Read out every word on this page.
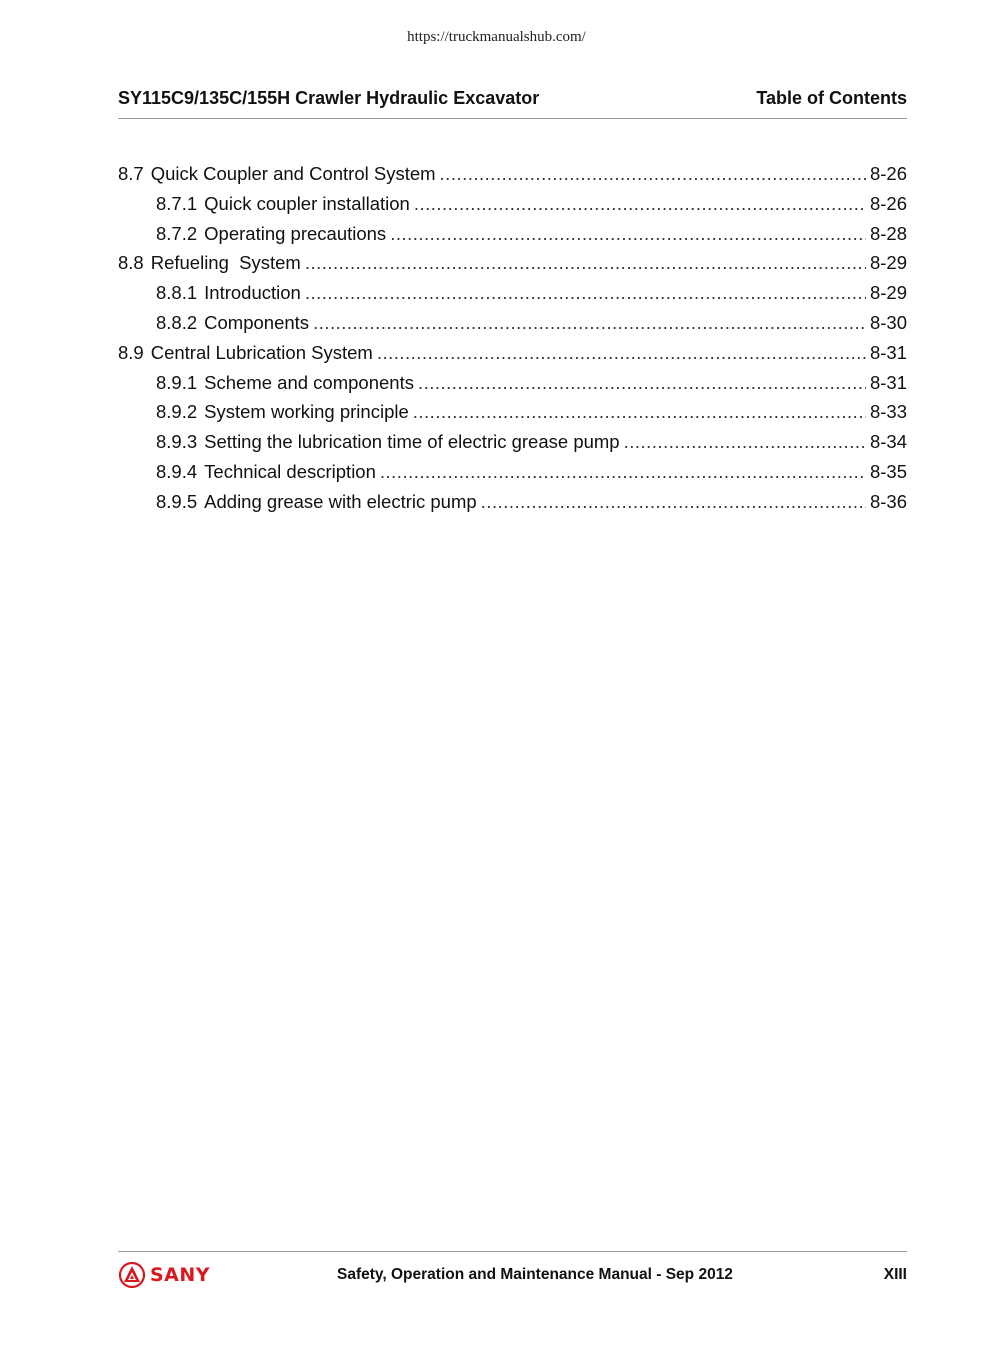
https://truckmanualshub.com/
SY115C9/135C/155H Crawler Hydraulic Excavator	Table of Contents
8.7 Quick Coupler and Control System .....	8-26
8.7.1 Quick coupler installation .....	8-26
8.7.2 Operating precautions .....	8-28
8.8 Refueling  System .....	8-29
8.8.1 Introduction .....	8-29
8.8.2 Components .....	8-30
8.9 Central Lubrication System .....	8-31
8.9.1 Scheme and components .....	8-31
8.9.2 System working principle .....	8-33
8.9.3 Setting the lubrication time of electric grease pump .....	8-34
8.9.4 Technical description .....	8-35
8.9.5 Adding grease with electric pump .....	8-36
SANY	Safety, Operation and Maintenance Manual - Sep 2012	XIII
